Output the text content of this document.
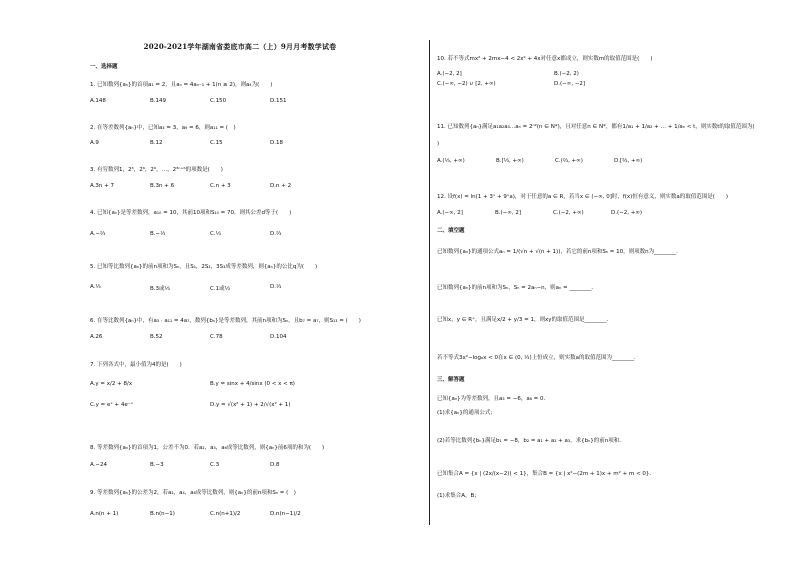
2020-2021学年湖南省娄底市高二（上）9月月考数学试卷
一、选择题
1. 已知数列{aₙ}的首项a₁ = 2，且aₙ = 4aₙ₋₁ + 1(n ≥ 2)，则a₄为(　　)
A.148	B.149	C.150	D.151
2. 在等差数列{aₙ}中，已知a₃ = 3，a₉ = 6，则a₁₁ = (　)
A.9	B.12	C.15	D.18
3. 有穷数列1，2³，2⁶，2⁹，…，2³ⁿ⁺⁶的项数是(　　)
A.3n + 7	B.3n + 6	C.n + 3	D.n + 2
4. 已知{aₙ}是等差数列，a₁₀ = 10，其前10项和S₁₀ = 70，则其公差d等于(　　)
A.−⅔	B.−⅓	C.⅓	D.⅔
5. 已知等比数列{aₙ}的前n项和为Sₙ，且S₁，2S₂，3S₃成等差数列，则{aₙ}的公比q为(　　)
A.⅓	B.3或⅓	C.1或⅓	D.⅓
6. 在等比数列{aₙ}中，有a₃ · a₁₁ = 4a₇，数列{bₙ}是等差数列，其前n项和为Sₙ，且b₇ = a₇，则S₁₃ = (　　)
A.26	B.52	C.78	D.104
7. 下列各式中，最小值为4的是(　　)
A.y = x/2 + 8/x	B.y = sinx + 4/sinx (0 < x < π)
C.y = eˣ + 4e⁻ˣ	D.y = √(x² + 1) + 2/√(x² + 1)
8. 等差数列{aₙ}的首项为1，公差不为0．若a₂，a₃，a₆成等比数列，则{aₙ}前6项的和为(　　)
A.−24	B.−3	C.3	D.8
9. 等差数列{aₙ}的公差为2，若a₂，a₄，a₈成等比数列，则{aₙ}的前n项和Sₙ = (　)
A.n(n + 1)	B.n(n−1)	C.n(n+1)/2	D.n(n−1)/2
10. 若不等式mx² + 2mx−4 < 2x² + 4x对任意x都成立，则实数m的取值范围是(　　)
A.(−2, 2]	B.(−2, 2)
C.(−∞, −2) ∪ [2, +∞)	D.(−∞, −2]
11. 已知数列{aₙ}满足a₁a₂a₃…aₙ = 2ⁿ²(n ∈ N*)，且对任意n ∈ N*，都有1/a₁ + 1/a₂ + … + 1/aₙ < t，则实数t的取值范围为(　　
)
A.(⅓, +∞)	B.[⅓, +∞)	C.(⅔, +∞)	D.[⅔, +∞)
12. 设f(x) = ln(1 + 3ˣ + 9ˣa)，对于任意的a ∈ R，若当x ∈ (−∞, 0]时，f(x)恒有意义，则实数a的取值范围是(　　)
A.(−∞, 2]	B.(−∞, 2]	C.(−2, +∞)	D.(−2, +∞)
二、填空题
已知数列{aₙ}的通项公式aₙ = 1/(√n + √(n + 1))，若它的前n项和Sₙ = 10，则项数n为________．
已知数列{aₙ}的前n项和为Sₙ，Sₙ = 2aₙ−n，则aₙ = ________．
已知x，y ∈ R⁺，且满足x/2 + y/3 = 1，则xy的取值范围是________．
若不等式3x²−logₐx < 0在x ∈ (0, ⅓)上恒成立，则实数a的取值范围为________．
三、解答题
已知{aₙ}为等差数列，且a₃ = −6，a₆ = 0．
(1)求{aₙ}的通项公式；
(2)若等比数列{bₙ}满足b₁ = −8，b₂ = a₁ + a₂ + a₃，求{bₙ}的前n项和．
已知集合A = {x | (2x/(x−2)) < 1}，集合B = {x | x²−(2m + 1)x + m² + m < 0}．
(1)求集合A，B；
